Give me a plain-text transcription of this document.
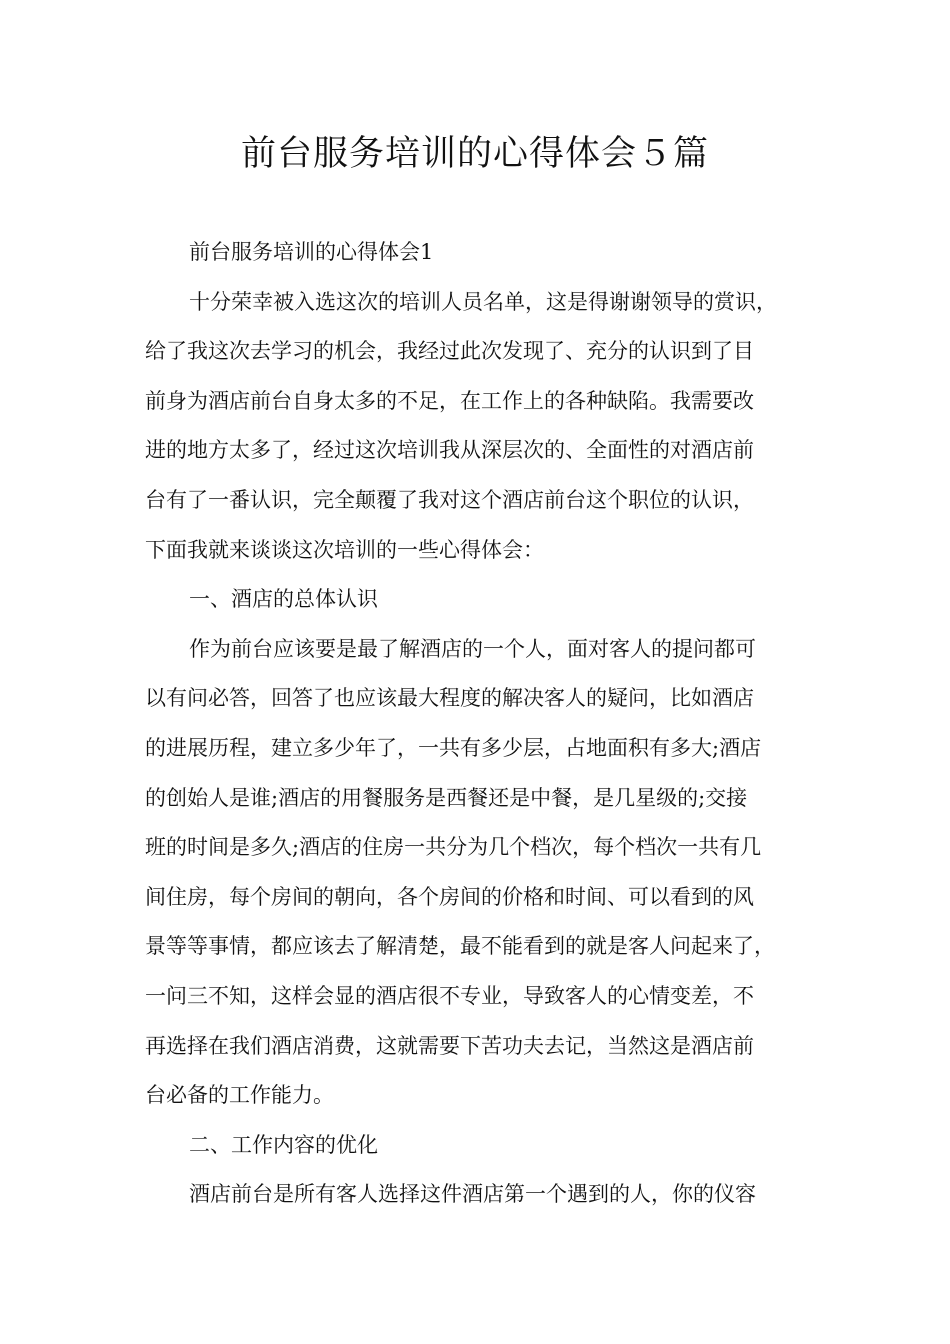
前台服务培训的心得体会５篇

前台服务培训的心得体会1

十分荣幸被入选这次的培训人员名单，这是得谢谢领导的赏识，

给了我这次去学习的机会，我经过此次发现了、充分的认识到了目

前身为酒店前台自身太多的不足，在工作上的各种缺陷。我需要改

进的地方太多了，经过这次培训我从深层次的、全面性的对酒店前

台有了一番认识，完全颠覆了我对这个酒店前台这个职位的认识，

下面我就来谈谈这次培训的一些心得体会：

一、酒店的总体认识

作为前台应该要是最了解酒店的一个人，面对客人的提问都可

以有问必答，回答了也应该最大程度的解决客人的疑问，比如酒店

的进展历程，建立多少年了，一共有多少层，占地面积有多大;酒店

的创始人是谁;酒店的用餐服务是西餐还是中餐，是几星级的;交接

班的时间是多久;酒店的住房一共分为几个档次，每个档次一共有几

间住房，每个房间的朝向，各个房间的价格和时间、可以看到的风

景等等事情，都应该去了解清楚，最不能看到的就是客人问起来了，

一问三不知，这样会显的酒店很不专业，导致客人的心情变差，不

再选择在我们酒店消费，这就需要下苦功夫去记，当然这是酒店前

台必备的工作能力。

二、工作内容的优化

酒店前台是所有客人选择这件酒店第一个遇到的人，你的仪容
